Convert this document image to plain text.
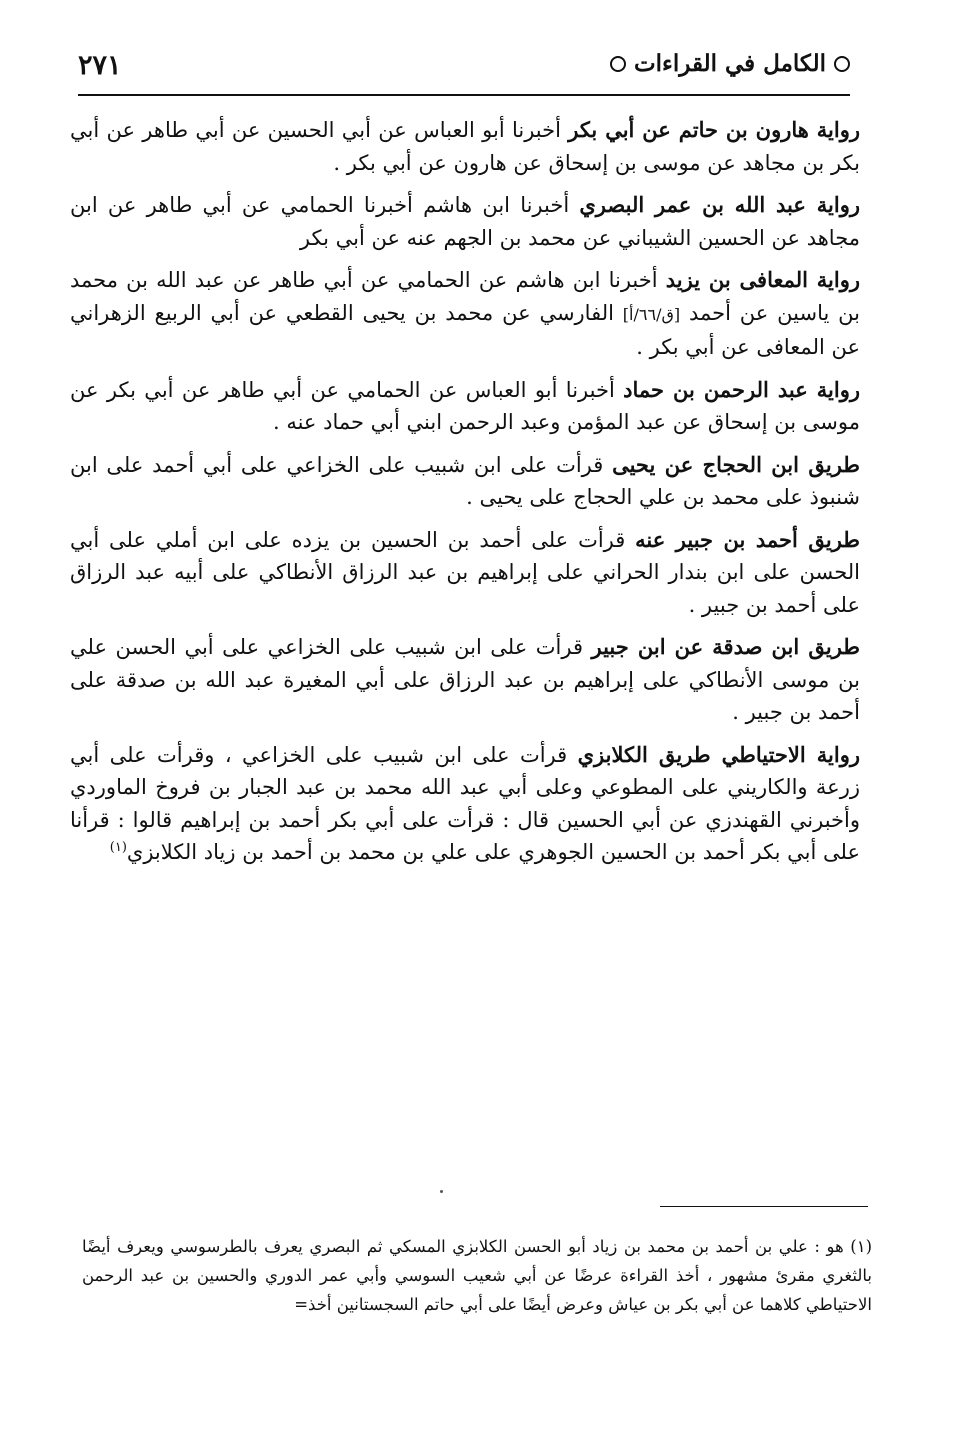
الكامل في القراءات
٢٧١

رواية هارون بن حاتم عن أبي بكر أخبرنا أبو العباس عن أبي الحسين عن أبي طاهر عن أبي بكر بن مجاهد عن موسى بن إسحاق عن هارون عن أبي بكر .

رواية عبد الله بن عمر البصري أخبرنا ابن هاشم أخبرنا الحمامي عن أبي طاهر عن ابن مجاهد عن الحسين الشيباني عن محمد بن الجهم عنه عن أبي بكر

رواية المعافى بن يزيد أخبرنا ابن هاشم عن الحمامي عن أبي طاهر عن عبد الله بن محمد بن ياسين عن أحمد [ق/٦٦/أ] الفارسي عن محمد بن يحيى القطعي عن أبي الربيع الزهراني عن المعافى عن أبي بكر .

رواية عبد الرحمن بن حماد أخبرنا أبو العباس عن الحمامي عن أبي طاهر عن أبي بكر عن موسى بن إسحاق عن عبد المؤمن وعبد الرحمن ابني أبي حماد عنه .

طريق ابن الحجاج عن يحيى قرأت على ابن شبيب على الخزاعي على أبي أحمد على ابن شنبوذ على محمد بن علي الحجاج على يحيى .

طريق أحمد بن جبير عنه قرأت على أحمد بن الحسين بن يزده على ابن أملي على أبي الحسن على ابن بندار الحراني على إبراهيم بن عبد الرزاق الأنطاكي على أبيه عبد الرزاق على أحمد بن جبير .

طريق ابن صدقة عن ابن جبير قرأت على ابن شبيب على الخزاعي على أبي الحسن علي بن موسى الأنطاكي على إبراهيم بن عبد الرزاق على أبي المغيرة عبد الله بن صدقة على أحمد بن جبير .

رواية الاحتياطي طريق الكلابزي قرأت على ابن شبيب على الخزاعي ، وقرأت على أبي زرعة والكاريني على المطوعي وعلى أبي عبد الله محمد بن عبد الجبار بن فروخ الماوردي وأخبرني القهندزي عن أبي الحسين قال : قرأت على أبي بكر أحمد بن إبراهيم قالوا : قرأنا على أبي بكر أحمد بن الحسين الجوهري على علي بن محمد بن أحمد بن زياد الكلابزي$^{(١)}$

(١) هو : علي بن أحمد بن محمد بن زياد أبو الحسن الكلابزي المسكي ثم البصري يعرف بالطرسوسي ويعرف أيضًا بالثغري مقرئ مشهور ، أخذ القراءة عرضًا عن أبي شعيب السوسي وأبي عمر الدوري والحسين بن عبد الرحمن الاحتياطي كلاهما عن أبي بكر بن عياش وعرض أيضًا على أبي حاتم السجستانين أخذ=
